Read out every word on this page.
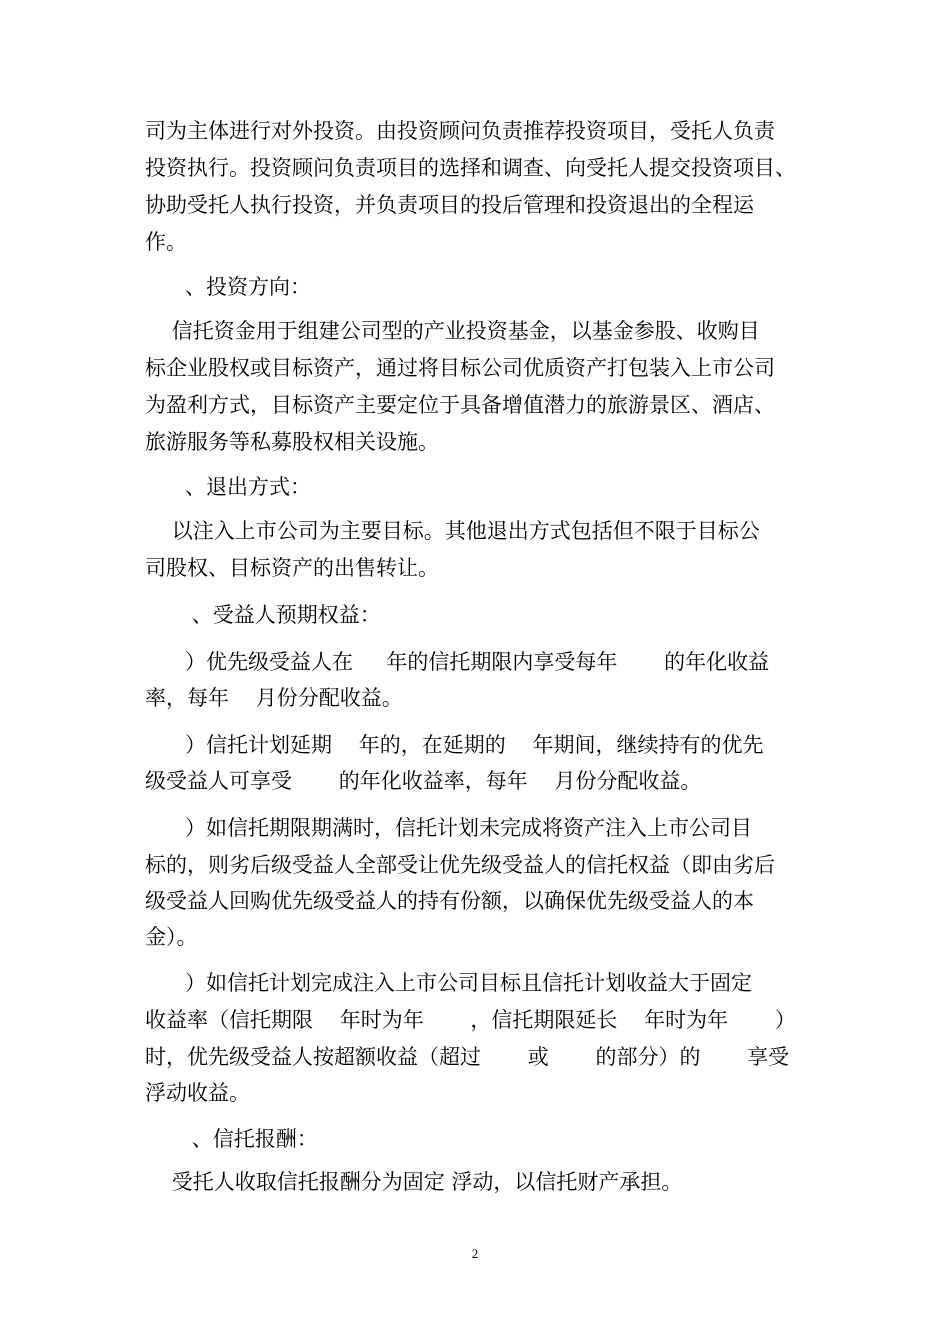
司为主体进行对外投资。由投资顾问负责推荐投资项目，受托人负责
投资执行。投资顾问负责项目的选择和调查、向受托人提交投资项目、
协助受托人执行投资，并负责项目的投后管理和投资退出的全程运
作。
、投资方向：
信托资金用于组建公司型的产业投资基金，以基金参股、收购目
标企业股权或目标资产，通过将目标公司优质资产打包装入上市公司
为盈利方式，目标资产主要定位于具备增值潜力的旅游景区、酒店、
旅游服务等私募股权相关设施。
、退出方式：
以注入上市公司为主要目标。其他退出方式包括但不限于目标公
司股权、目标资产的出售转让。
、受益人预期权益：
）优先级受益人在     年的信托期限内享受每年       的年化收益
率，每年    月份分配收益。
）信托计划延期    年的，在延期的    年期间，继续持有的优先
级受益人可享受       的年化收益率，每年    月份分配收益。
）如信托期限期满时，信托计划未完成将资产注入上市公司目
标的，则劣后级受益人全部受让优先级受益人的信托权益（即由劣后
级受益人回购优先级受益人的持有份额，以确保优先级受益人的本
金）。
）如信托计划完成注入上市公司目标且信托计划收益大于固定
收益率（信托期限    年时为年       ，信托期限延长    年时为年       ）
时，优先级受益人按超额收益（超过       或       的部分）的       享受
浮动收益。
、信托报酬：
受托人收取信托报酬分为固定 浮动，以信托财产承担。
2
